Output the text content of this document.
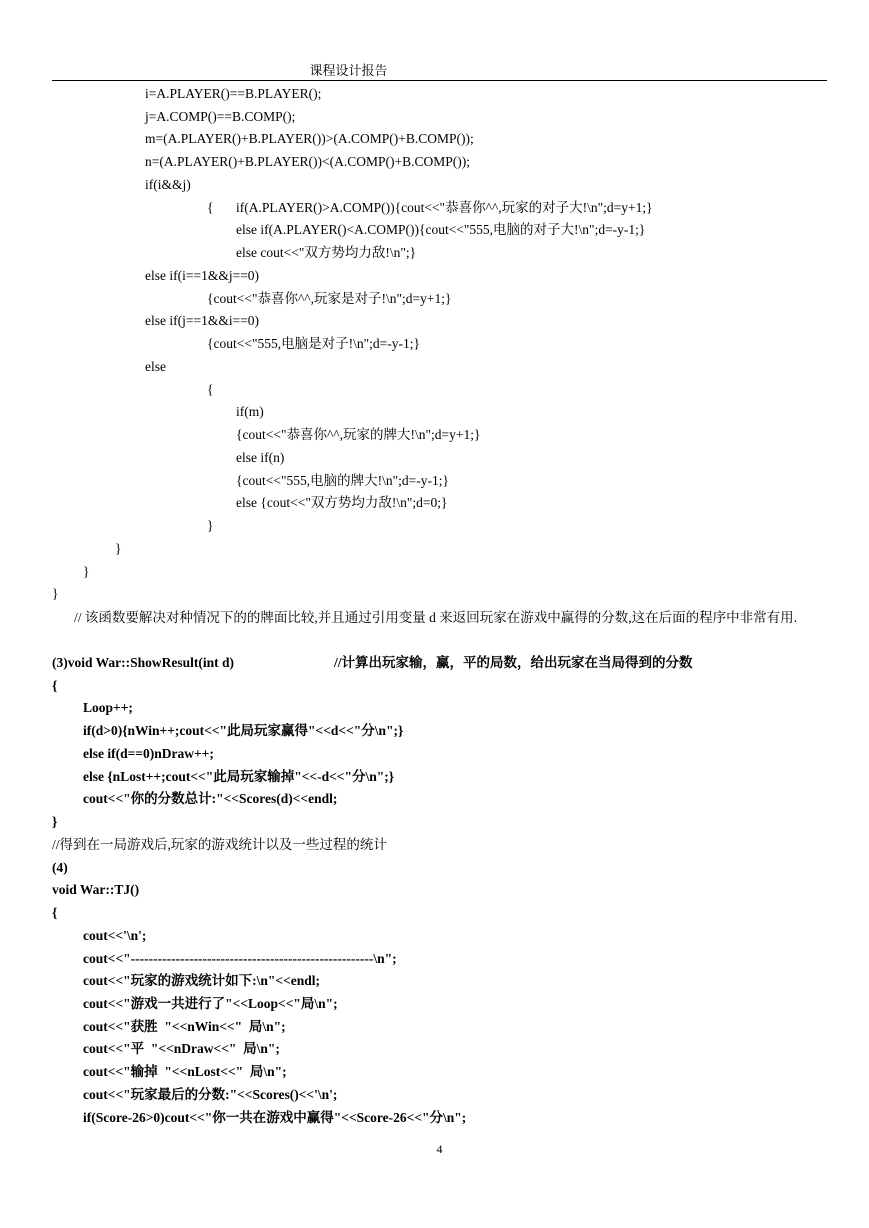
课程设计报告
i=A.PLAYER()==B.PLAYER();
j=A.COMP()==B.COMP();
m=(A.PLAYER()+B.PLAYER())>(A.COMP()+B.COMP());
n=(A.PLAYER()+B.PLAYER())<(A.COMP()+B.COMP());
if(i&&j)
{ if(A.PLAYER()>A.COMP()){cout<<"恭喜你^^,玩家的对子大!\n";d=y+1;}
else if(A.PLAYER()<A.COMP()){cout<<"555,电脑的对子大!\n";d=-y-1;}
else cout<<"双方势均力敌!\n";}
else if(i==1&&j==0)
{cout<<"恭喜你^^,玩家是对子!\n";d=y+1;}
else if(j==1&&i==0)
{cout<<"555,电脑是对子!\n";d=-y-1;}
else
{
if(m)
{cout<<"恭喜你^^,玩家的牌大!\n";d=y+1;}
else if(n)
{cout<<"555,电脑的牌大!\n";d=-y-1;}
else {cout<<"双方势均力敌!\n";d=0;}
}
}
}
}
// 该函数要解决对种情况下的的牌面比较,并且通过引用变量 d 来返回玩家在游戏中赢得的分数,这在后面的程序中非常有用.
(3)void War::ShowResult(int d)	//计算出玩家输，赢，平的局数，给出玩家在当局得到的分数
{
Loop++;
if(d>0){nWin++;cout<<"此局玩家赢得"<<d<<"分\n";}
else if(d==0)nDraw++;
else {nLost++;cout<<"此局玩家输掉"<<-d<<"分\n";}
cout<<"你的分数总计:"<<Scores(d)<<endl;
}
//得到在一局游戏后,玩家的游戏统计以及一些过程的统计
(4)
void War::TJ()
{
cout<<'\n';
cout<<"------------------------------------------------------\n";
cout<<"玩家的游戏统计如下:\n"<<endl;
cout<<"游戏一共进行了"<<Loop<<"局\n";
cout<<"获胜  "<<nWin<<"  局\n";
cout<<"平  "<<nDraw<<"  局\n";
cout<<"输掉  "<<nLost<<"  局\n";
cout<<"玩家最后的分数:"<<Scores()<<'\n';
if(Score-26>0)cout<<"你一共在游戏中赢得"<<Score-26<<"分\n";
4
